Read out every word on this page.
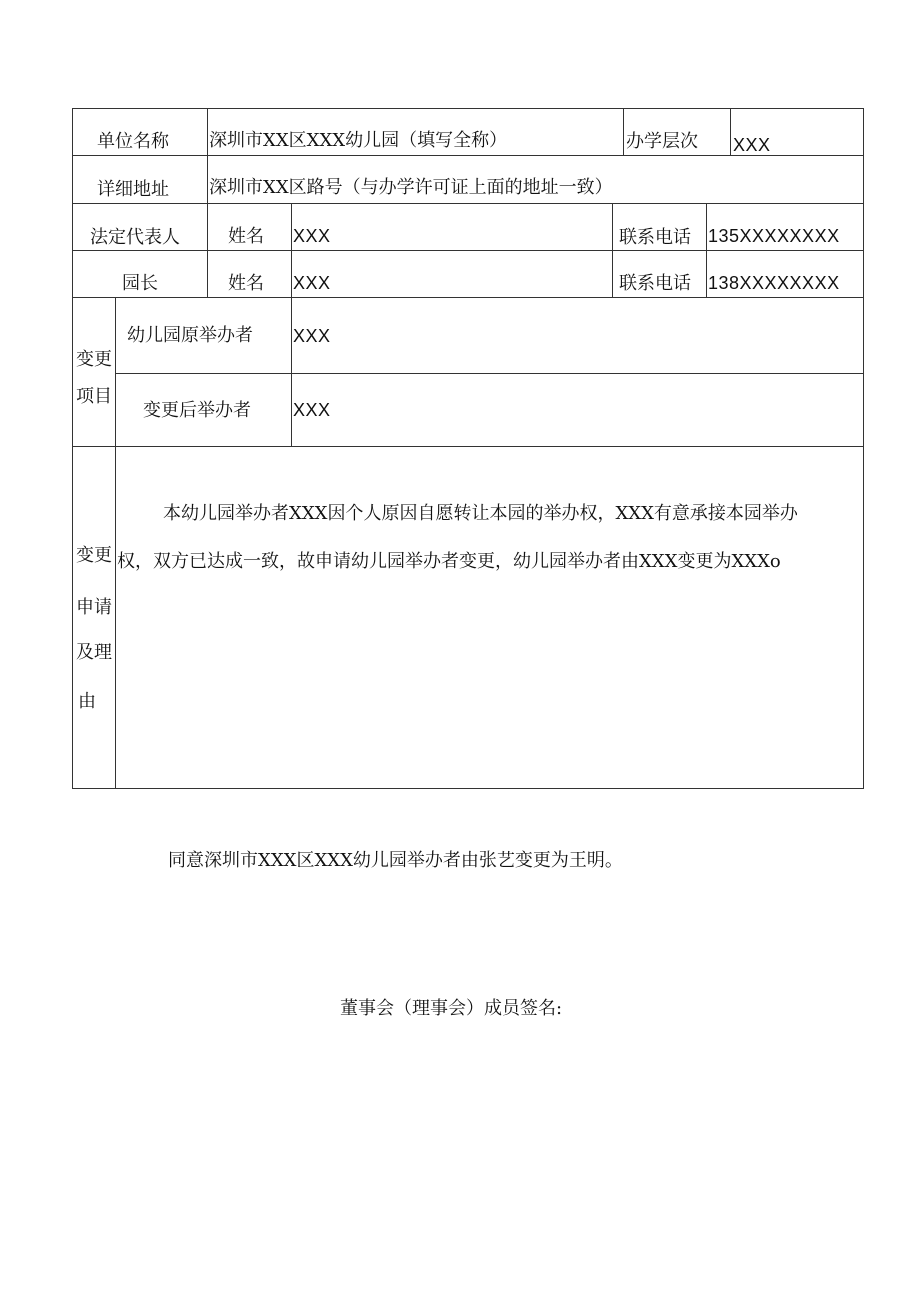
单位名称 深圳市XX区XXX幼儿园（填写全称）	办学层次 XXX
详细地址 深圳市XX区路号（与办学许可证上面的地址一致）
法定代表人	姓名 XXX	联系电话 135XXXXXXXX
园长	姓名 XXX	联系电话 138XXXXXXXX
变更
项目
幼儿园原举办者 XXX
变更后举办者 XXX
变更
申请
及理
由

本幼儿园举办者XXX因个人原因自愿转让本园的举办权，XXX有意承接本园举办

权，双方已达成一致，故申请幼儿园举办者变更，幼儿园举办者由XXX变更为XXXo

同意深圳市XXX区XXX幼儿园举办者由张艺变更为王明。
董事会（理事会）成员签名:
